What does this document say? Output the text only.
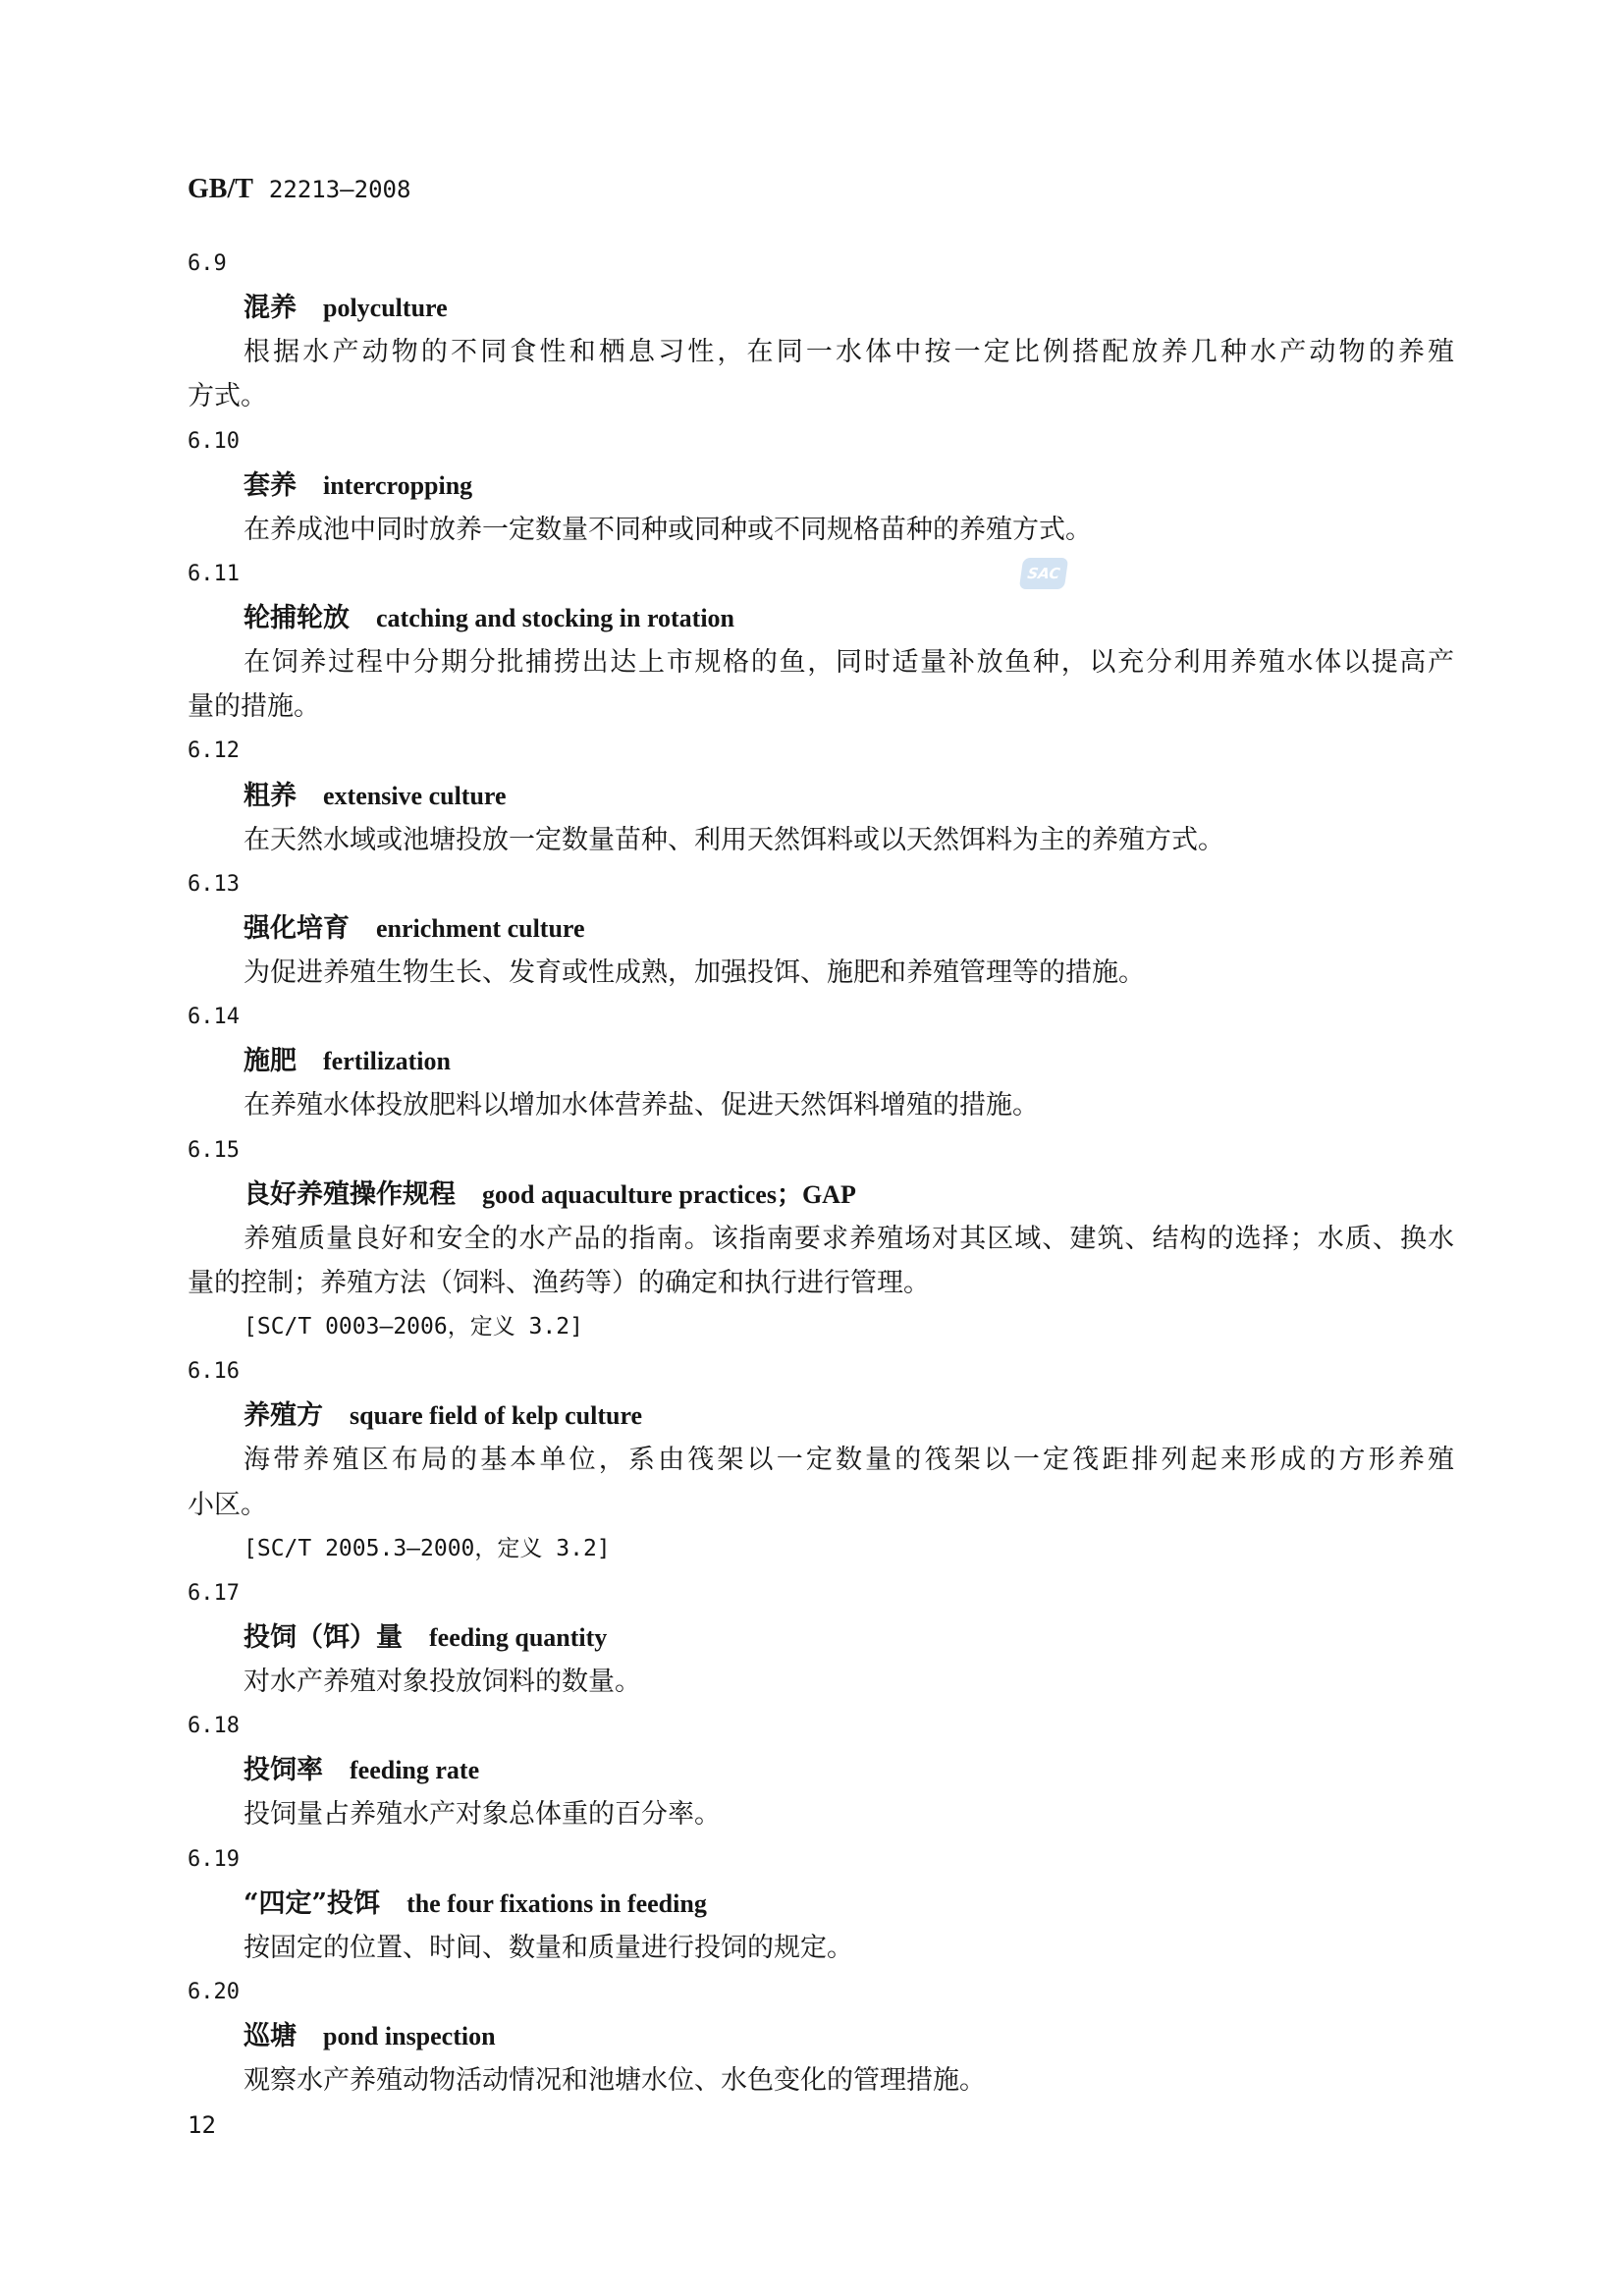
GB/T 22213—2008
SAC
6.9
混养 polyculture
根据水产动物的不同食性和栖息习性，在同一水体中按一定比例搭配放养几种水产动物的养殖
方式。
6.10
套养 intercropping
在养成池中同时放养一定数量不同种或同种或不同规格苗种的养殖方式。
6.11
轮捕轮放 catching and stocking in rotation
在饲养过程中分期分批捕捞出达上市规格的鱼，同时适量补放鱼种，以充分利用养殖水体以提高产
量的措施。
6.12
粗养 extensive culture
在天然水域或池塘投放一定数量苗种、利用天然饵料或以天然饵料为主的养殖方式。
6.13
强化培育 enrichment culture
为促进养殖生物生长、发育或性成熟，加强投饵、施肥和养殖管理等的措施。
6.14
施肥 fertilization
在养殖水体投放肥料以增加水体营养盐、促进天然饵料增殖的措施。
6.15
良好养殖操作规程 good aquaculture practices；GAP
养殖质量良好和安全的水产品的指南。该指南要求养殖场对其区域、建筑、结构的选择；水质、换水
量的控制；养殖方法（饲料、渔药等）的确定和执行进行管理。
[SC/T 0003—2006，定义 3.2]
6.16
养殖方 square field of kelp culture
海带养殖区布局的基本单位，系由筏架以一定数量的筏架以一定筏距排列起来形成的方形养殖
小区。
[SC/T 2005.3—2000，定义 3.2]
6.17
投饲（饵）量 feeding quantity
对水产养殖对象投放饲料的数量。
6.18
投饲率 feeding rate
投饲量占养殖水产对象总体重的百分率。
6.19
“四定”投饵 the four fixations in feeding
按固定的位置、时间、数量和质量进行投饲的规定。
6.20
巡塘 pond inspection
观察水产养殖动物活动情况和池塘水位、水色变化的管理措施。
12
